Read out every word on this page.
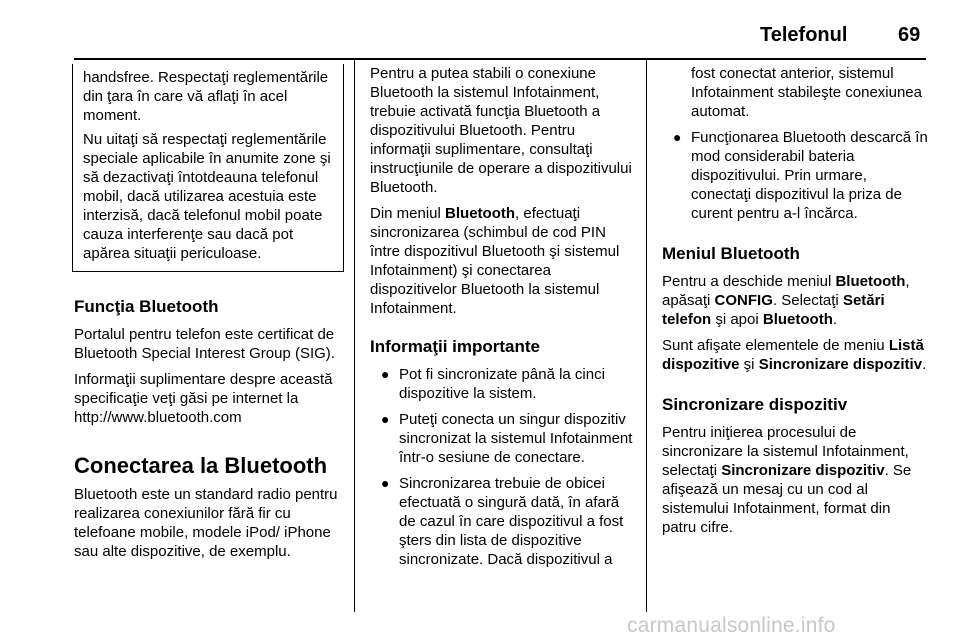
Telefonul	69
handsfree. Respectaţi reglementările din ţara în care vă aflaţi în acel moment.
Nu uitaţi să respectaţi reglementările speciale aplicabile în anumite zone şi să dezactivaţi întotdeauna telefonul mobil, dacă utilizarea acestuia este interzisă, dacă telefonul mobil poate cauza interferenţe sau dacă pot apărea situaţii periculoase.
Funcţia Bluetooth
Portalul pentru telefon este certificat de Bluetooth Special Interest Group (SIG).
Informaţii suplimentare despre această specificaţie veţi găsi pe internet la http://www.bluetooth.com
Conectarea la Bluetooth
Bluetooth este un standard radio pentru realizarea conexiunilor fără fir cu telefoane mobile, modele iPod/ iPhone sau alte dispozitive, de exemplu.
Pentru a putea stabili o conexiune Bluetooth la sistemul Infotainment, trebuie activată funcţia Bluetooth a dispozitivului Bluetooth. Pentru informaţii suplimentare, consultaţi instrucţiunile de operare a dispozitivului Bluetooth.
Din meniul Bluetooth, efectuaţi sincronizarea (schimbul de cod PIN între dispozitivul Bluetooth şi sistemul Infotainment) şi conectarea dispozitivelor Bluetooth la sistemul Infotainment.
Informaţii importante
● Pot fi sincronizate până la cinci dispozitive la sistem.
● Puteţi conecta un singur dispozitiv sincronizat la sistemul Infotainment într-o sesiune de conectare.
● Sincronizarea trebuie de obicei efectuată o singură dată, în afară de cazul în care dispozitivul a fost şters din lista de dispozitive sincronizate. Dacă dispozitivul a
fost conectat anterior, sistemul Infotainment stabileşte conexiunea automat.
● Funcţionarea Bluetooth descarcă în mod considerabil bateria dispozitivului. Prin urmare, conectaţi dispozitivul la priza de curent pentru a-l încărca.
Meniul Bluetooth
Pentru a deschide meniul Bluetooth, apăsaţi CONFIG. Selectaţi Setări telefon şi apoi Bluetooth.
Sunt afişate elementele de meniu Listă dispozitive şi Sincronizare dispozitiv.
Sincronizare dispozitiv
Pentru iniţierea procesului de sincronizare la sistemul Infotainment, selectaţi Sincronizare dispozitiv. Se afişează un mesaj cu un cod al sistemului Infotainment, format din patru cifre.
carmanualsonline.info
